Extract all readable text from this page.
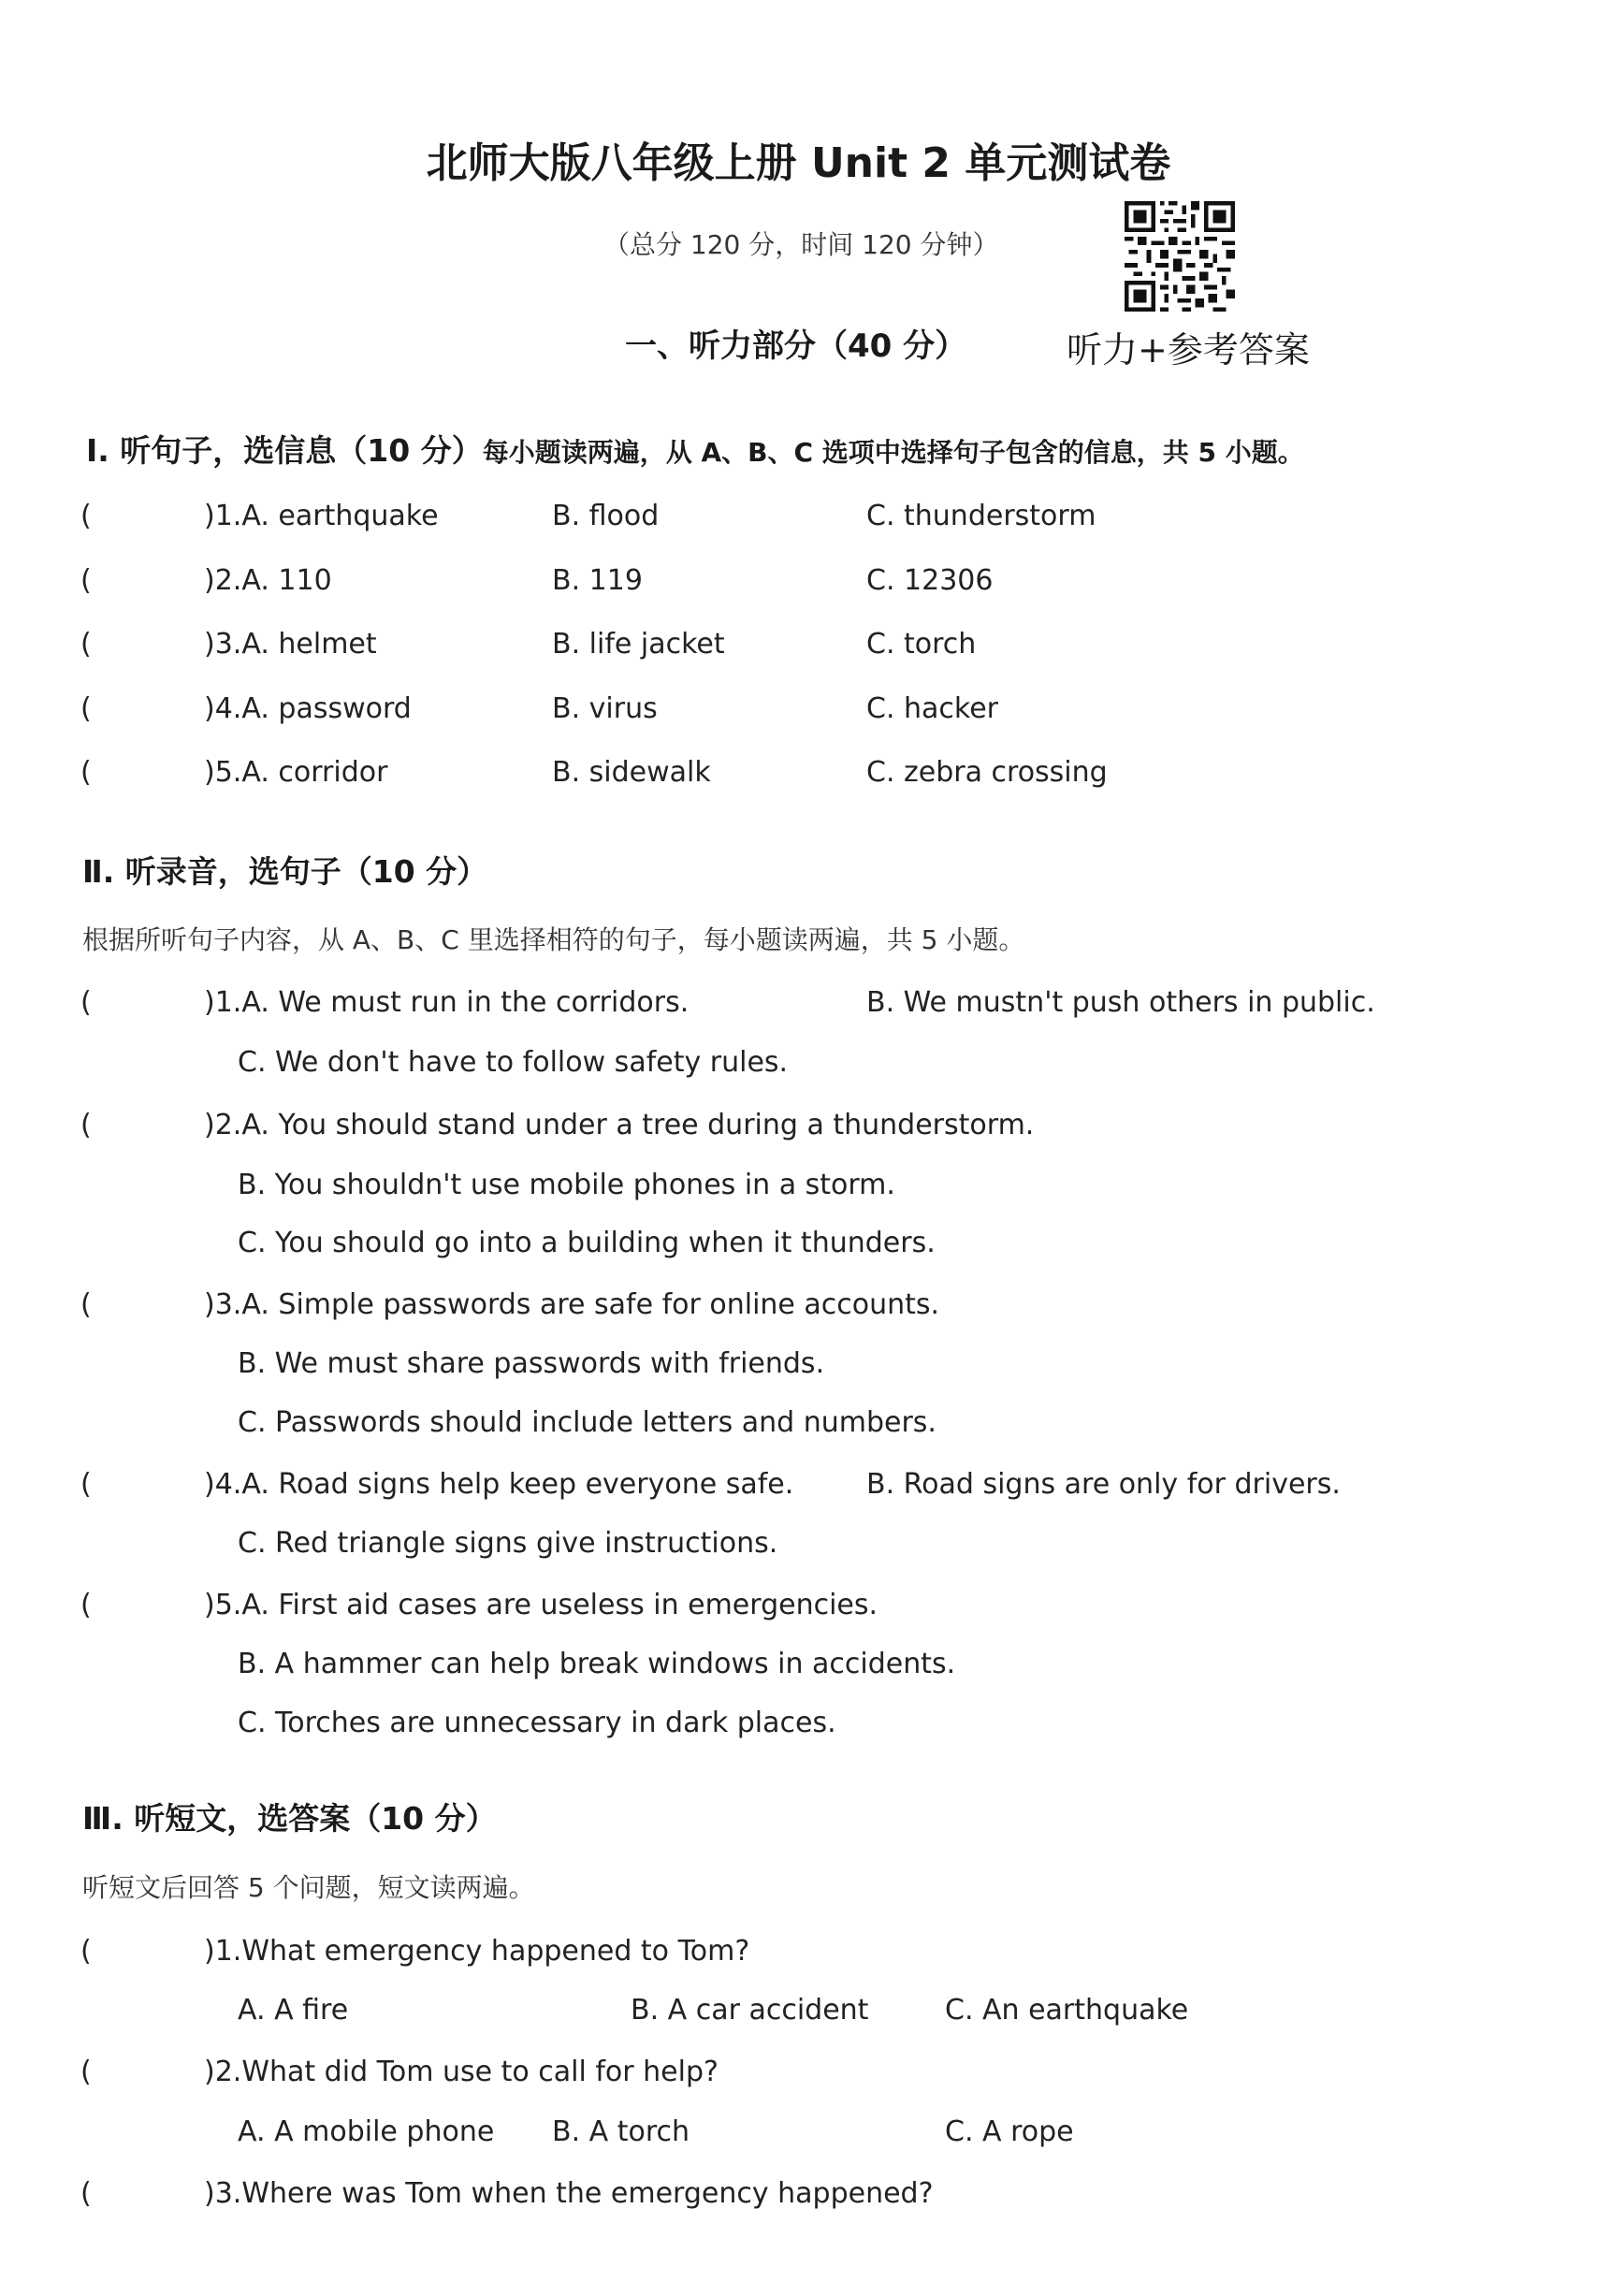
北师大版八年级上册 Unit 2 单元测试卷
（总分 120 分，时间 120 分钟）
一、听力部分（40 分）	听力+参考答案
Ⅰ. 听句子，选信息（10 分）每小题读两遍，从 A、B、C 选项中选择句子包含的信息，共 5 小题。
(	)1.A. earthquake	B. flood	C. thunderstorm
(	)2.A. 110	B. 119	C. 12306
(	)3.A. helmet	B. life jacket	C. torch
(	)4.A. password	B. virus	C. hacker
(	)5.A. corridor	B. sidewalk	C. zebra crossing
Ⅱ. 听录音，选句子（10 分）
根据所听句子内容，从 A、B、C 里选择相符的句子，每小题读两遍，共 5 小题。
(	)1.A. We must run in the corridors.	B. We mustn't push others in public.
C. We don't have to follow safety rules.
(	)2.A. You should stand under a tree during a thunderstorm.
B. You shouldn't use mobile phones in a storm.
C. You should go into a building when it thunders.
(	)3.A. Simple passwords are safe for online accounts.
B. We must share passwords with friends.
C. Passwords should include letters and numbers.
(	)4.A. Road signs help keep everyone safe.	B. Road signs are only for drivers.
C. Red triangle signs give instructions.
(	)5.A. First aid cases are useless in emergencies.
B. A hammer can help break windows in accidents.
C. Torches are unnecessary in dark places.
Ⅲ. 听短文，选答案（10 分）
听短文后回答 5 个问题，短文读两遍。
(	)1.What emergency happened to Tom?
A. A fire	B. A car accident	C. An earthquake
(	)2.What did Tom use to call for help?
A. A mobile phone B. A torch	C. A rope
(	)3.Where was Tom when the emergency happened?
